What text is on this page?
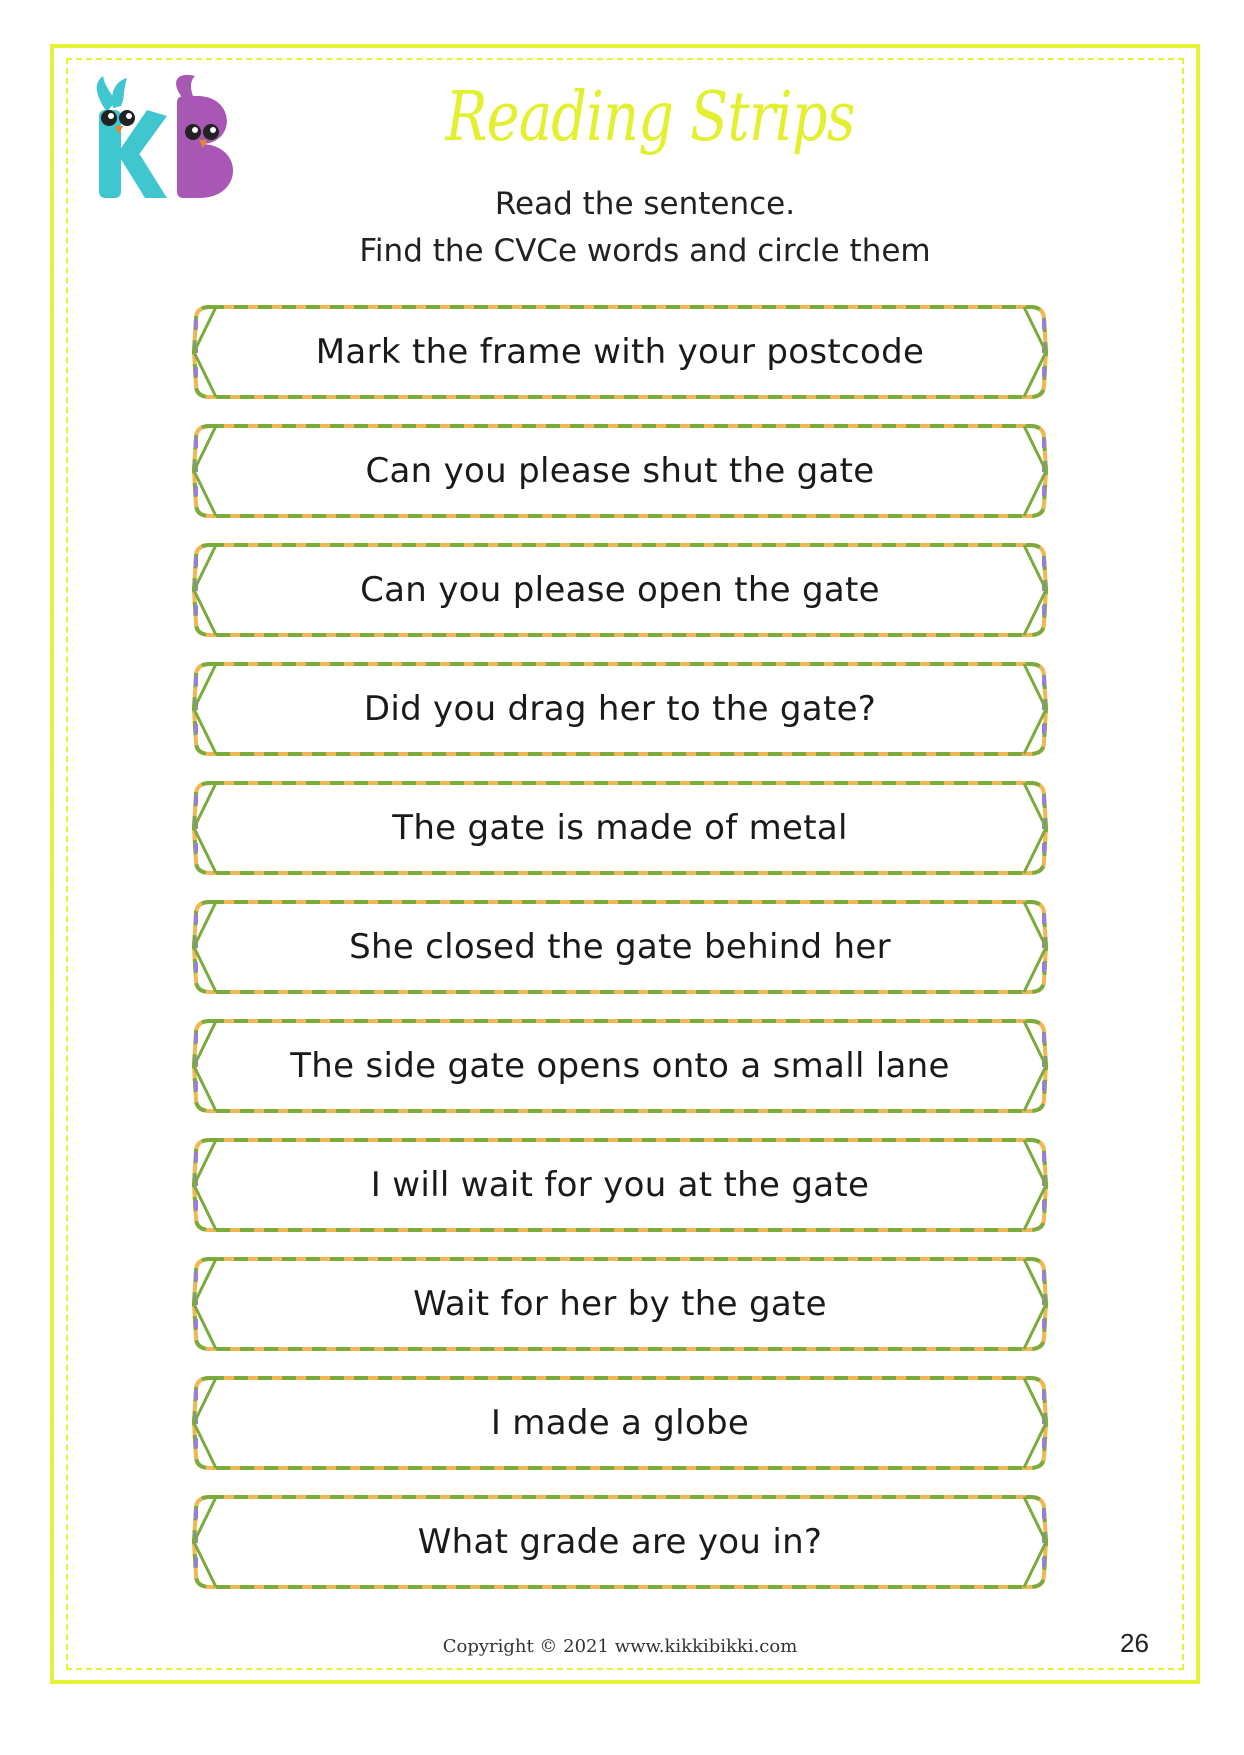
Reading Strips
Read the sentence.
Find the CVCe words and circle them
Mark the frame with your postcode
Can you please shut the gate
Can you please open the gate
Did you drag her to the gate?
The gate is made of metal
She closed the gate behind her
The side gate opens onto a small lane
I will wait for you at the gate
Wait for her by the gate
I made a globe
What grade are you in?
Copyright © 2021 www.kikkibikki.com	26
